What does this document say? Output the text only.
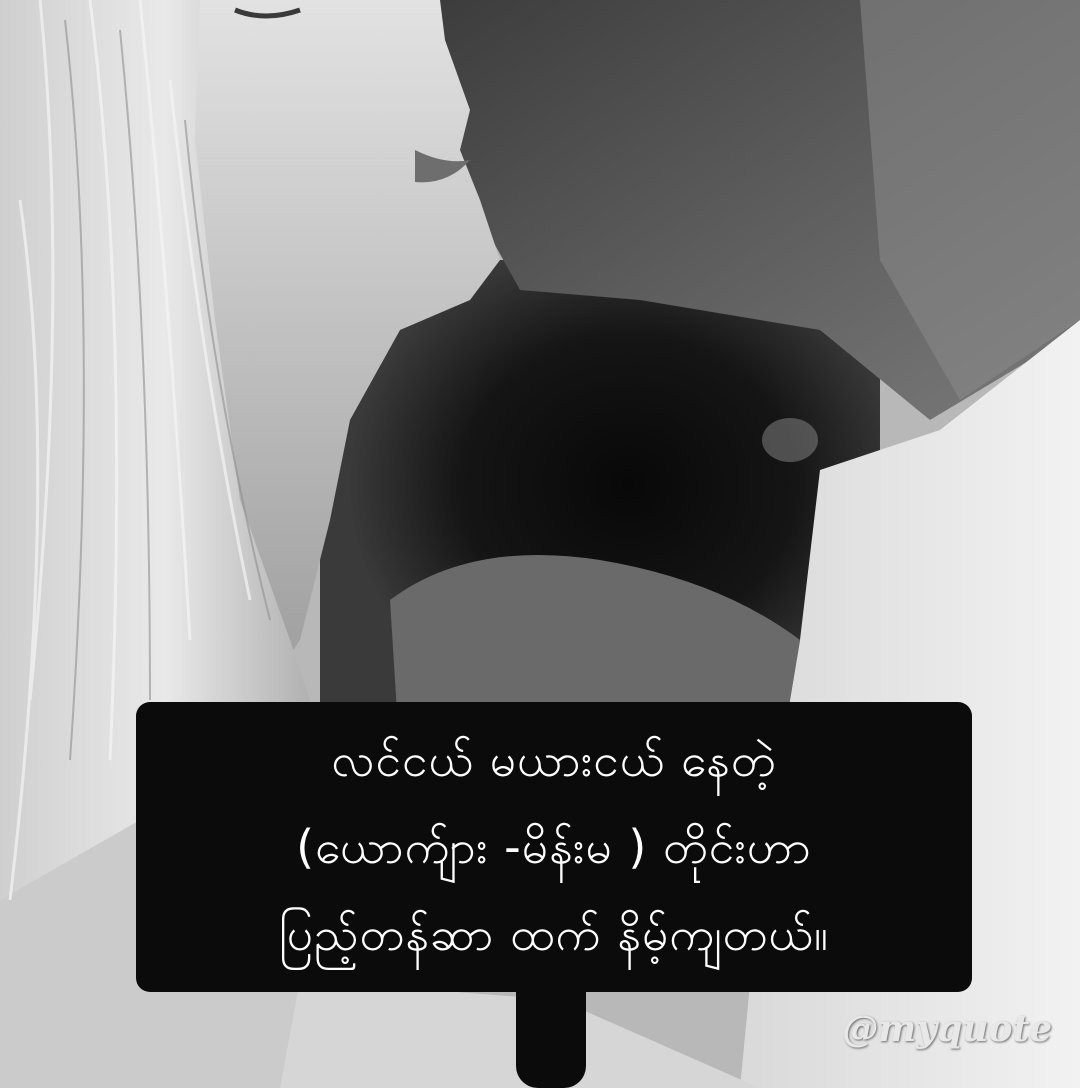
လင်ငယ် မယားငယ် နေတဲ့
(ယောက်ျား -မိန်းမ ) တိုင်းဟာ
ပြည့်တန်ဆာ ထက် နိမ့်ကျတယ်။
@myquote
